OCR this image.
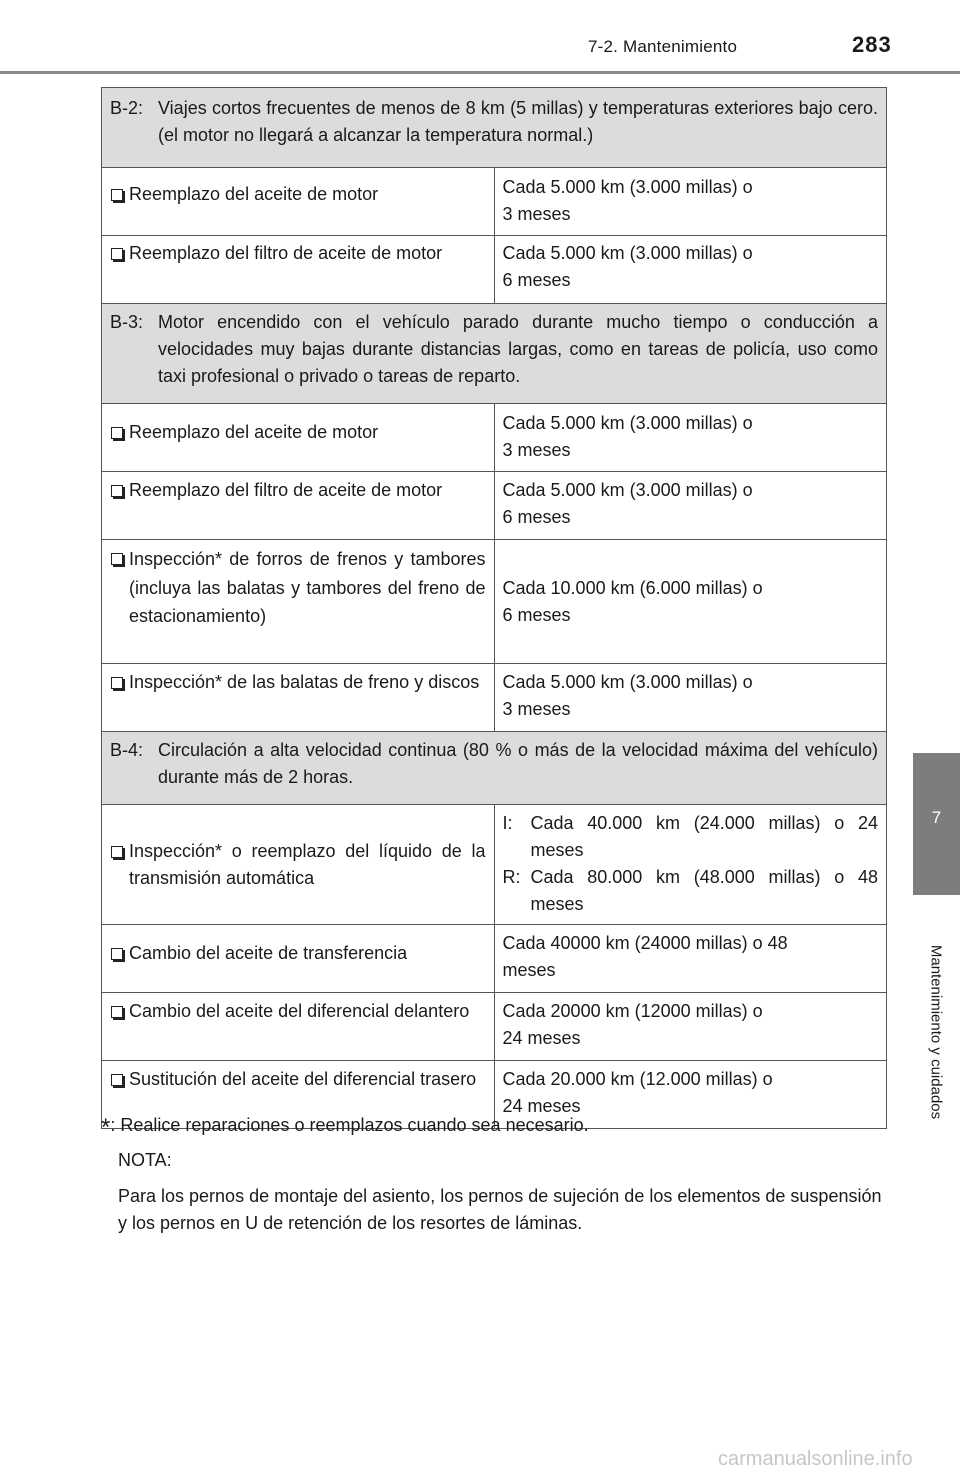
7-2. Mantenimiento	283
7
Mantenimiento y cuidados
B-2: Viajes cortos frecuentes de menos de 8 km (5 millas) y temperaturas exteriores bajo cero. (el motor no llegará a alcanzar la temperatura normal.)	

Reemplazo del aceite de motor	Cada 5.000 km (3.000 millas) o
3 meses

Reemplazo del filtro de aceite de motor	Cada 5.000 km (3.000 millas) o
6 meses

B-3: Motor encendido con el vehículo parado durante mucho tiempo o conducción a velocidades muy bajas durante distancias largas, como en tareas de policía, uso como taxi profesional o privado o tareas de reparto.	

Reemplazo del aceite de motor	Cada 5.000 km (3.000 millas) o
3 meses

Reemplazo del filtro de aceite de motor	Cada 5.000 km (3.000 millas) o
6 meses

Inspección* de forros de frenos y tambores (incluya las balatas y tambores del freno de estacionamiento)	Cada 10.000 km (6.000 millas) o
6 meses

Inspección* de las balatas de freno y discos	Cada 5.000 km (3.000 millas) o
3 meses

B-4: Circulación a alta velocidad continua (80 % o más de la velocidad máxima del vehículo) durante más de 2 horas.	

Inspección* o reemplazo del líquido de la transmisión automática	I: Cada 40.000 km (24.000 millas) o 24 meses
R: Cada 80.000 km (48.000 millas) o 48 meses

Cambio del aceite de transferencia	Cada 40000 km (24000 millas) o 48
meses

Cambio del aceite del diferencial delantero	Cada 20000 km (12000 millas) o
24 meses

Sustitución del aceite del diferencial trasero	Cada 20.000 km (12.000 millas) o
24 meses
*: Realice reparaciones o reemplazos cuando sea necesario.
NOTA:
Para los pernos de montaje del asiento, los pernos de sujeción de los elementos de suspensión y los pernos en U de retención de los resortes de láminas.
carmanualsonline.info
